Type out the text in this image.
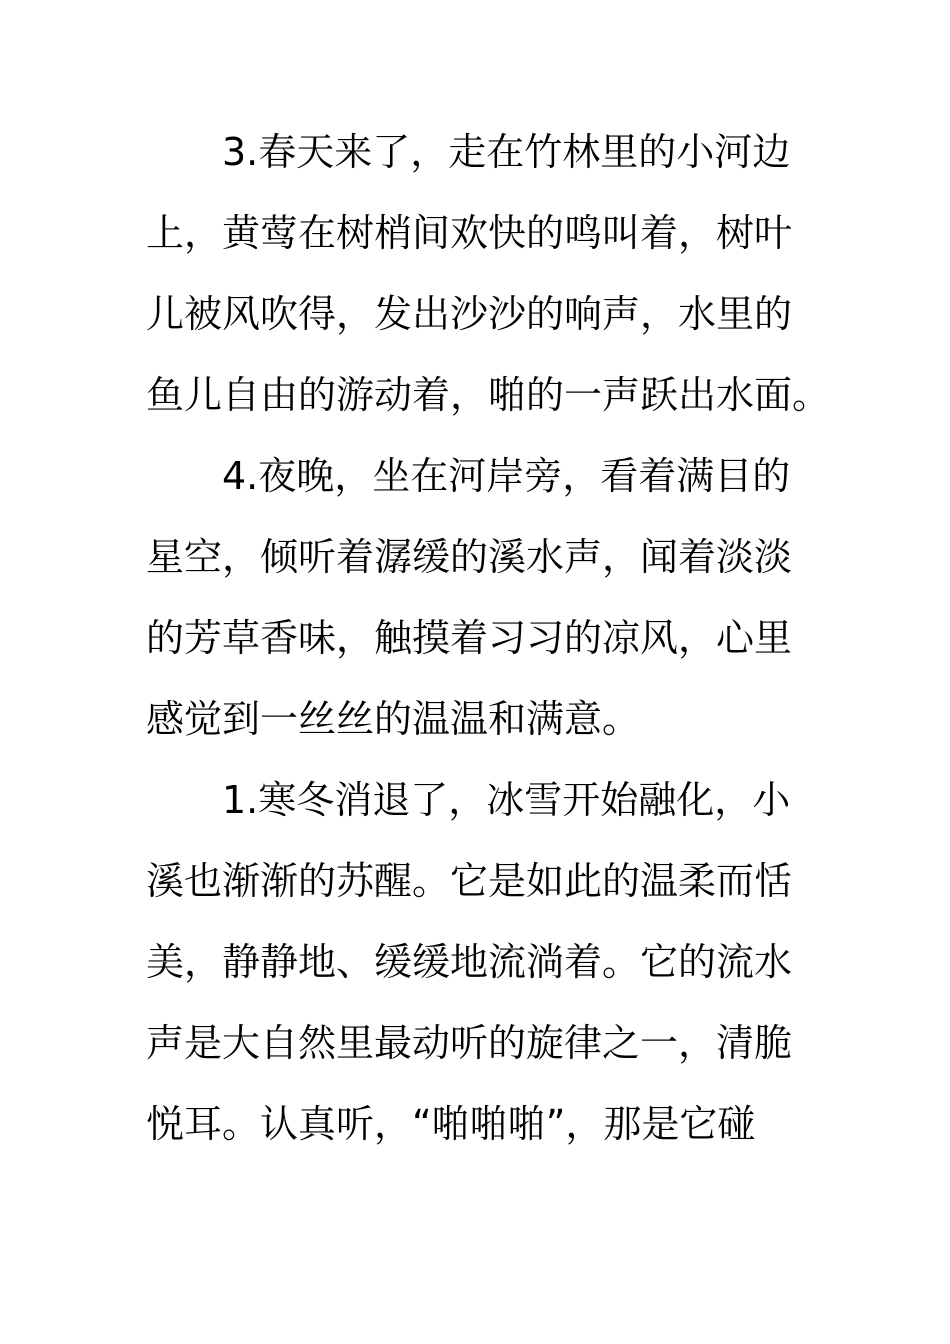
3.春天来了，走在竹林里的小河边
上，黄莺在树梢间欢快的鸣叫着，树叶
儿被风吹得，发出沙沙的响声，水里的
鱼儿自由的游动着，啪的一声跃出水面。
4.夜晚，坐在河岸旁，看着满目的
星空，倾听着潺缓的溪水声，闻着淡淡
的芳草香味，触摸着习习的凉风，心里
感觉到一丝丝的温温和满意。
1.寒冬消退了，冰雪开始融化，小
溪也渐渐的苏醒。它是如此的温柔而恬
美，静静地、缓缓地流淌着。它的流水
声是大自然里最动听的旋律之一，清脆
悦耳。认真听，“啪啪啪”，那是它碰
